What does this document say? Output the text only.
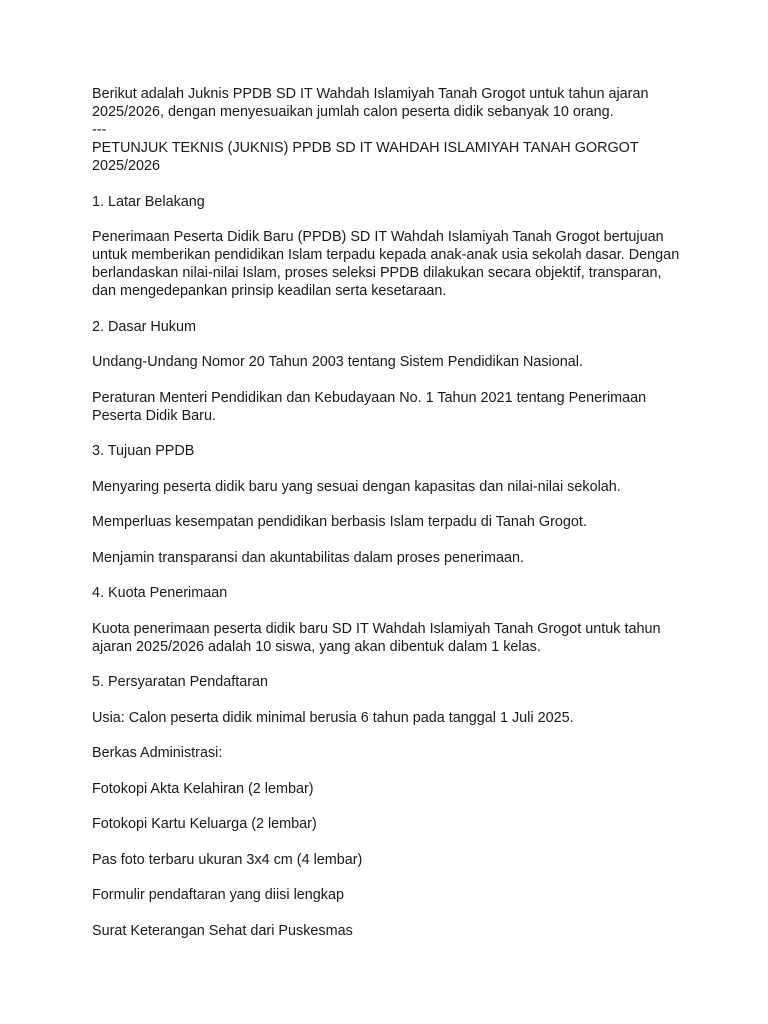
Berikut adalah Juknis PPDB SD IT Wahdah Islamiyah Tanah Grogot untuk tahun ajaran
2025/2026, dengan menyesuaikan jumlah calon peserta didik sebanyak 10 orang.
---

PETUNJUK TEKNIS (JUKNIS) PPDB SD IT WAHDAH ISLAMIYAH TANAH GORGOT
2025/2026

1. Latar Belakang

Penerimaan Peserta Didik Baru (PPDB) SD IT Wahdah Islamiyah Tanah Grogot bertujuan
untuk memberikan pendidikan Islam terpadu kepada anak-anak usia sekolah dasar. Dengan
berlandaskan nilai-nilai Islam, proses seleksi PPDB dilakukan secara objektif, transparan,
dan mengedepankan prinsip keadilan serta kesetaraan.

2. Dasar Hukum

Undang-Undang Nomor 20 Tahun 2003 tentang Sistem Pendidikan Nasional.

Peraturan Menteri Pendidikan dan Kebudayaan No. 1 Tahun 2021 tentang Penerimaan
Peserta Didik Baru.

3. Tujuan PPDB

Menyaring peserta didik baru yang sesuai dengan kapasitas dan nilai-nilai sekolah.

Memperluas kesempatan pendidikan berbasis Islam terpadu di Tanah Grogot.

Menjamin transparansi dan akuntabilitas dalam proses penerimaan.

4. Kuota Penerimaan

Kuota penerimaan peserta didik baru SD IT Wahdah Islamiyah Tanah Grogot untuk tahun
ajaran 2025/2026 adalah 10 siswa, yang akan dibentuk dalam 1 kelas.

5. Persyaratan Pendaftaran

Usia: Calon peserta didik minimal berusia 6 tahun pada tanggal 1 Juli 2025.

Berkas Administrasi:

Fotokopi Akta Kelahiran (2 lembar)

Fotokopi Kartu Keluarga (2 lembar)

Pas foto terbaru ukuran 3x4 cm (4 lembar)

Formulir pendaftaran yang diisi lengkap

Surat Keterangan Sehat dari Puskesmas
